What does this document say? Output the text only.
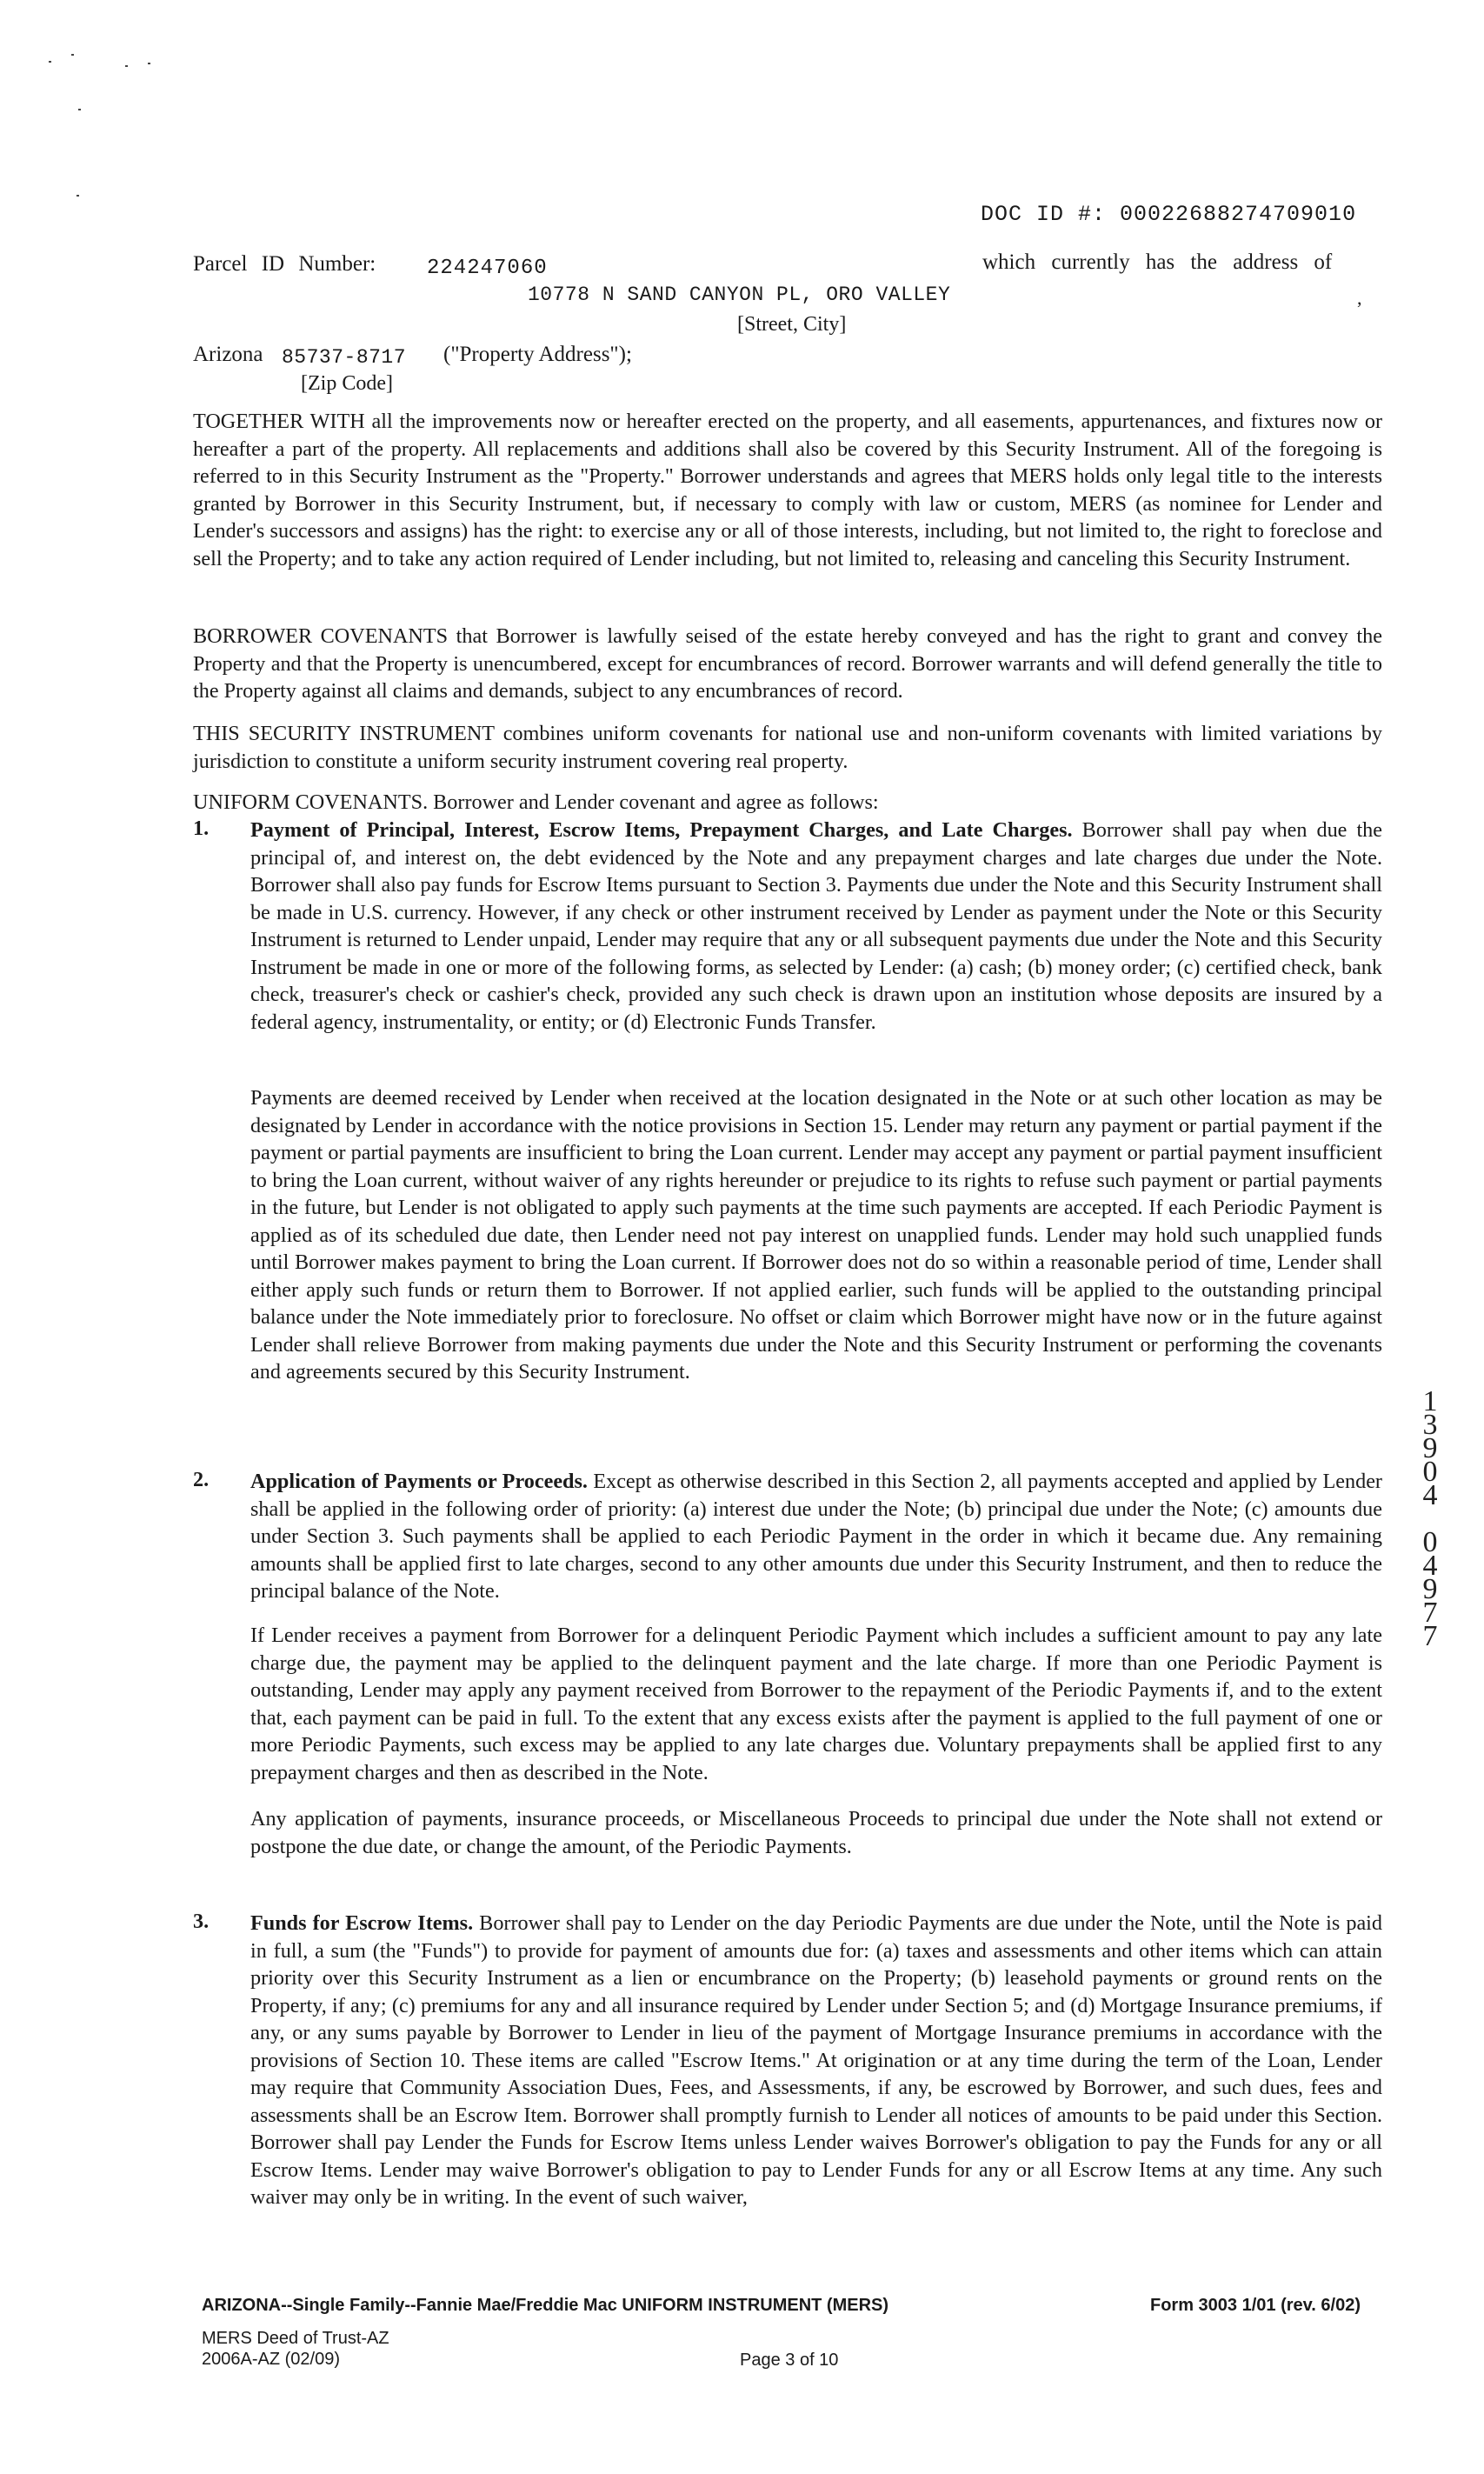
DOC ID #: 00022688274709010
Parcel ID Number: 224247060	which currently has the address of
10778 N SAND CANYON PL, ORO VALLEY	,
[Street, City]
Arizona 85737-8717 ("Property Address");
[Zip Code]

TOGETHER WITH all the improvements now or hereafter erected on the property, and all easements, appurtenances, and fixtures now or hereafter a part of the property. All replacements and additions shall also be covered by this Security Instrument. All of the foregoing is referred to in this Security Instrument as the "Property." Borrower understands and agrees that MERS holds only legal title to the interests granted by Borrower in this Security Instrument, but, if necessary to comply with law or custom, MERS (as nominee for Lender and Lender's successors and assigns) has the right: to exercise any or all of those interests, including, but not limited to, the right to foreclose and sell the Property; and to take any action required of Lender including, but not limited to, releasing and canceling this Security Instrument.

BORROWER COVENANTS that Borrower is lawfully seised of the estate hereby conveyed and has the right to grant and convey the Property and that the Property is unencumbered, except for encumbrances of record. Borrower warrants and will defend generally the title to the Property against all claims and demands, subject to any encumbrances of record.

THIS SECURITY INSTRUMENT combines uniform covenants for national use and non-uniform covenants with limited variations by jurisdiction to constitute a uniform security instrument covering real property.

UNIFORM COVENANTS. Borrower and Lender covenant and agree as follows:

1. Payment of Principal, Interest, Escrow Items, Prepayment Charges, and Late Charges. Borrower shall pay when due the principal of, and interest on, the debt evidenced by the Note and any prepayment charges and late charges due under the Note. Borrower shall also pay funds for Escrow Items pursuant to Section 3. Payments due under the Note and this Security Instrument shall be made in U.S. currency. However, if any check or other instrument received by Lender as payment under the Note or this Security Instrument is returned to Lender unpaid, Lender may require that any or all subsequent payments due under the Note and this Security Instrument be made in one or more of the following forms, as selected by Lender: (a) cash; (b) money order; (c) certified check, bank check, treasurer's check or cashier's check, provided any such check is drawn upon an institution whose deposits are insured by a federal agency, instrumentality, or entity; or (d) Electronic Funds Transfer.

Payments are deemed received by Lender when received at the location designated in the Note or at such other location as may be designated by Lender in accordance with the notice provisions in Section 15. Lender may return any payment or partial payment if the payment or partial payments are insufficient to bring the Loan current. Lender may accept any payment or partial payment insufficient to bring the Loan current, without waiver of any rights hereunder or prejudice to its rights to refuse such payment or partial payments in the future, but Lender is not obligated to apply such payments at the time such payments are accepted. If each Periodic Payment is applied as of its scheduled due date, then Lender need not pay interest on unapplied funds. Lender may hold such unapplied funds until Borrower makes payment to bring the Loan current. If Borrower does not do so within a reasonable period of time, Lender shall either apply such funds or return them to Borrower. If not applied earlier, such funds will be applied to the outstanding principal balance under the Note immediately prior to foreclosure. No offset or claim which Borrower might have now or in the future against Lender shall relieve Borrower from making payments due under the Note and this Security Instrument or performing the covenants and agreements secured by this Security Instrument.

2. Application of Payments or Proceeds. Except as otherwise described in this Section 2, all payments accepted and applied by Lender shall be applied in the following order of priority: (a) interest due under the Note; (b) principal due under the Note; (c) amounts due under Section 3. Such payments shall be applied to each Periodic Payment in the order in which it became due. Any remaining amounts shall be applied first to late charges, second to any other amounts due under this Security Instrument, and then to reduce the principal balance of the Note.

If Lender receives a payment from Borrower for a delinquent Periodic Payment which includes a sufficient amount to pay any late charge due, the payment may be applied to the delinquent payment and the late charge. If more than one Periodic Payment is outstanding, Lender may apply any payment received from Borrower to the repayment of the Periodic Payments if, and to the extent that, each payment can be paid in full. To the extent that any excess exists after the payment is applied to the full payment of one or more Periodic Payments, such excess may be applied to any late charges due. Voluntary prepayments shall be applied first to any prepayment charges and then as described in the Note.

Any application of payments, insurance proceeds, or Miscellaneous Proceeds to principal due under the Note shall not extend or postpone the due date, or change the amount, of the Periodic Payments.

3. Funds for Escrow Items. Borrower shall pay to Lender on the day Periodic Payments are due under the Note, until the Note is paid in full, a sum (the "Funds") to provide for payment of amounts due for: (a) taxes and assessments and other items which can attain priority over this Security Instrument as a lien or encumbrance on the Property; (b) leasehold payments or ground rents on the Property, if any; (c) premiums for any and all insurance required by Lender under Section 5; and (d) Mortgage Insurance premiums, if any, or any sums payable by Borrower to Lender in lieu of the payment of Mortgage Insurance premiums in accordance with the provisions of Section 10. These items are called "Escrow Items." At origination or at any time during the term of the Loan, Lender may require that Community Association Dues, Fees, and Assessments, if any, be escrowed by Borrower, and such dues, fees and assessments shall be an Escrow Item. Borrower shall promptly furnish to Lender all notices of amounts to be paid under this Section. Borrower shall pay Lender the Funds for Escrow Items unless Lender waives Borrower's obligation to pay the Funds for any or all Escrow Items. Lender may waive Borrower's obligation to pay to Lender Funds for any or all Escrow Items at any time. Any such waiver may only be in writing. In the event of such waiver,

1
3
9
0
4
0
4
9
7
7
ARIZONA--Single Family--Fannie Mae/Freddie Mac UNIFORM INSTRUMENT (MERS)	Form 3003 1/01 (rev. 6/02)
MERS Deed of Trust-AZ
2006A-AZ (02/09)	Page 3 of 10
